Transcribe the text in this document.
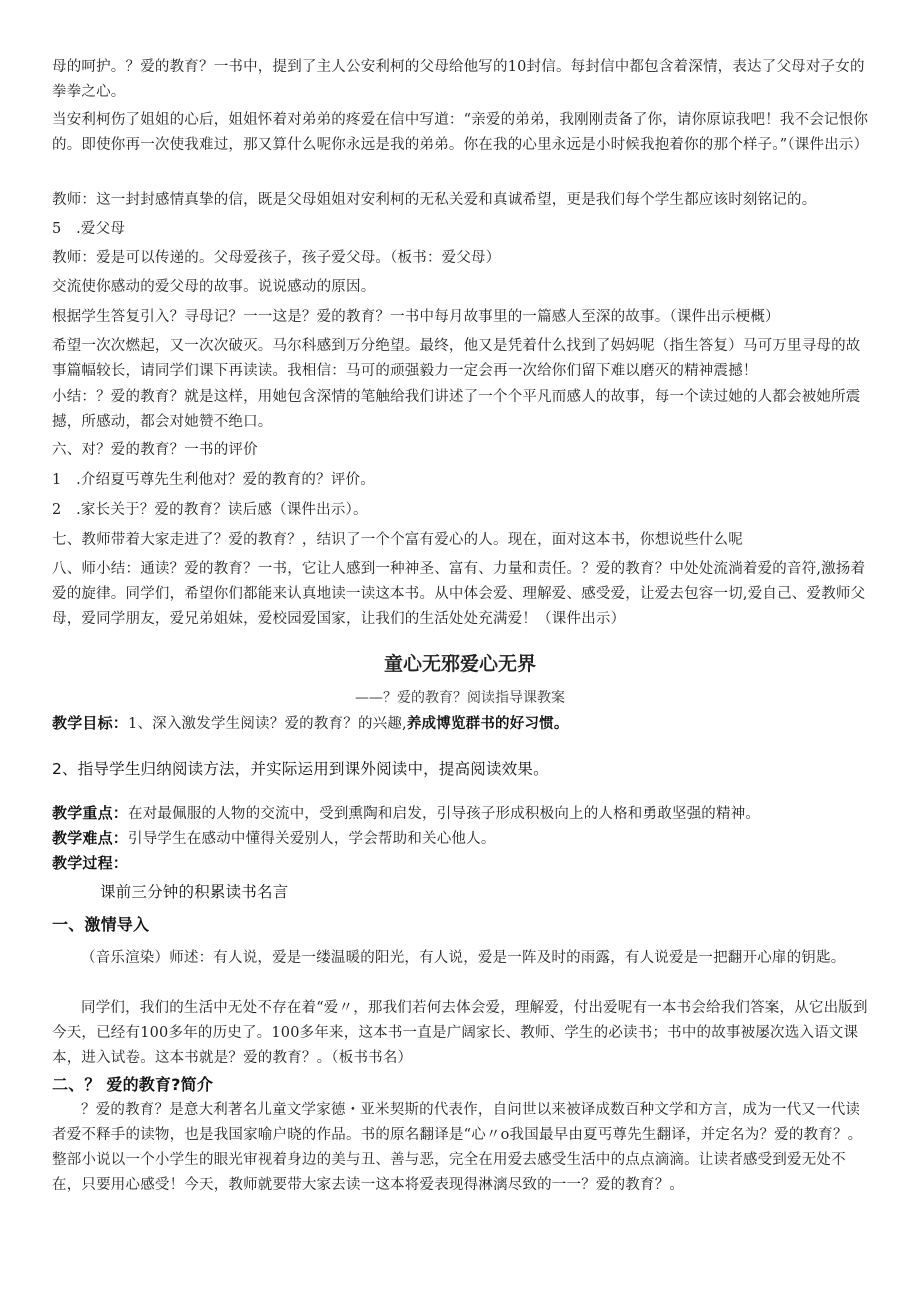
母的呵护。？爱的教育？一书中，提到了主人公安利柯的父母给他写的10封信。每封信中都包含着深情，表达了父母对子女的拳拳之心。

当安利柯伤了姐姐的心后，姐姐怀着对弟弟的疼爱在信中写道：“亲爱的弟弟，我刚刚责备了你，请你原谅我吧！我不会记恨你的。即使你再一次使我难过，那又算什么呢你永远是我的弟弟。你在我的心里永远是小时候我抱着你的那个样子。”（课件出示）

教师：这一封封感情真挚的信，既是父母姐姐对安利柯的无私关爱和真诚希望，更是我们每个学生都应该时刻铭记的。

5　.爱父母

教师：爱是可以传递的。父母爱孩子，孩子爱父母。（板书：爱父母）

交流使你感动的爱父母的故事。说说感动的原因。

根据学生答复引入？寻母记？一一这是？爱的教育？一书中每月故事里的一篇感人至深的故事。（课件出示梗概）

希望一次次燃起，又一次次破灭。马尔科感到万分绝望。最终，他又是凭着什么找到了妈妈呢（指生答复）马可万里寻母的故事篇幅较长，请同学们课下再读读。我相信：马可的顽强毅力一定会再一次给你们留下难以磨灭的精神震撼！

小结：？爱的教育？就是这样，用她包含深情的笔触给我们讲述了一个个平凡而感人的故事，每一个读过她的人都会被她所震撼，所感动，都会对她赞不绝口。

六、对？爱的教育？一书的评价

1　.介绍夏丐尊先生利他对？爱的教育的？评价。

2　.家长关于？爱的教育？读后感（课件出示）。

七、教师带着大家走进了？爱的教育？，结识了一个个富有爱心的人。现在，面对这本书，你想说些什么呢

八、师小结：通读？爱的教育？一书，它让人感到一种神圣、富有、力量和责任。？爱的教育？中处处流淌着爱的音符,激扬着爱的旋律。同学们，希望你们都能来认真地读一读这本书。从中体会爱、理解爱、感受爱，让爱去包容一切,爱自己、爱教师父母，爱同学朋友，爱兄弟姐妹，爱校园爱国家，让我们的生活处处充满爱！（课件出示）

童心无邪爱心无界

——？爱的教育？阅读指导课教案

教学目标：1、深入激发学生阅读？爱的教育？的兴趣,养成博览群书的好习惯。

2、指导学生归纳阅读方法，并实际运用到课外阅读中，提高阅读效果。

教学重点：在对最佩服的人物的交流中，受到熏陶和启发，引导孩子形成积极向上的人格和勇敢坚强的精神。

教学难点：引导学生在感动中懂得关爱别人，学会帮助和关心他人。

教学过程：

课前三分钟的积累读书名言

一、激情导入

（音乐渲染）师述：有人说，爱是一缕温暖的阳光，有人说，爱是一阵及时的雨露，有人说爱是一把翻开心扉的钥匙。

同学们，我们的生活中无处不存在着“爱〃，那我们若何去体会爱，理解爱，付出爱呢有一本书会给我们答案，从它出版到今天，已经有100多年的历史了。100多年来，这本书一直是广阔家长、教师、学生的必读书；书中的故事被屡次选入语文课本，进入试卷。这本书就是？爱的教育？。（板书书名）

二、？ 爱的教育?简介

？爱的教育？是意大利著名儿童文学家德・亚米契斯的代表作，自问世以来被译成数百种文学和方言，成为一代又一代读者爱不释手的读物，也是我国家喻户晓的作品。书的原名翻译是“心〃o我国最早由夏丐尊先生翻译，并定名为？爱的教育？。整部小说以一个小学生的眼光审视着身边的美与丑、善与恶，完全在用爱去感受生活中的点点滴滴。让读者感受到爱无处不在，只要用心感受！今天，教师就要带大家去读一这本将爱表现得淋漓尽致的一一？爱的教育？。
